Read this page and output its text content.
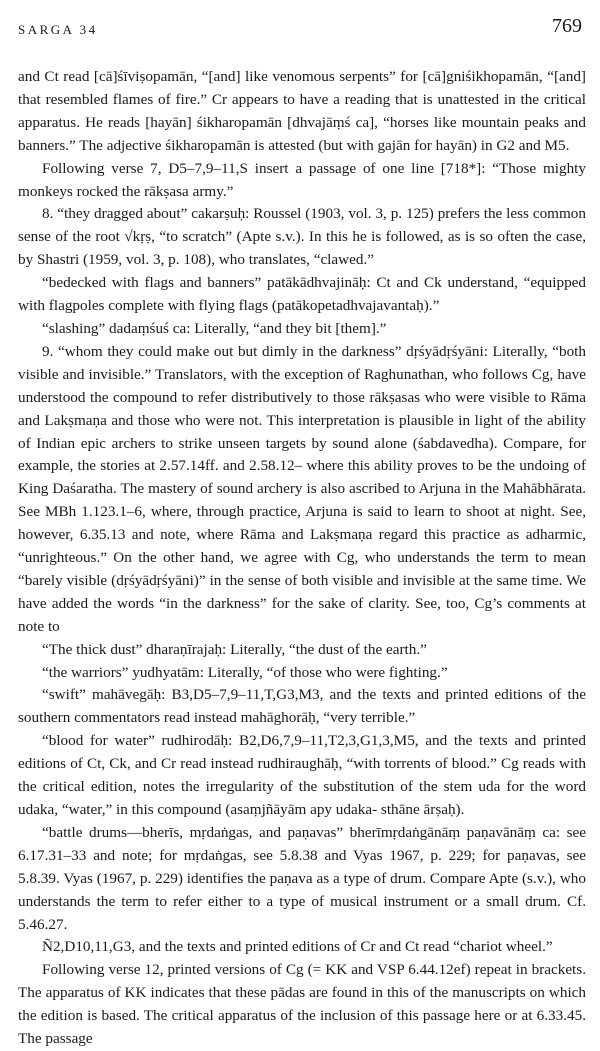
SARGA 34	769

and Ct read [cā]śīviṣopamān, “[and] like venomous serpents” for [cā]gniśikhopamān, “[and] that resembled flames of fire.” Cr appears to have a reading that is unattested in the critical apparatus. He reads [hayān] śikharopamān [dhvajāṃś ca], “horses like mountain peaks and banners.” The adjective śikharopamān is attested (but with gajān for hayān) in G2 and M5.

Following verse 7, D5–7,9–11,S insert a passage of one line [718*]: “Those mighty monkeys rocked the rākṣasa army.”

8. “they dragged about” cakarṣuḥ: Roussel (1903, vol. 3, p. 125) prefers the less common sense of the root √kṛṣ, “to scratch” (Apte s.v.). In this he is followed, as is so often the case, by Shastri (1959, vol. 3, p. 108), who translates, “clawed.”

“bedecked with flags and banners” patākādhvajināḥ: Ct and Ck understand, “equipped with flagpoles complete with flying flags (patākopetadhvajavantaḥ).”

“slashing” dadaṃśuś ca: Literally, “and they bit [them].”

9. “whom they could make out but dimly in the darkness” dṛśyādṛśyāni: Literally, “both visible and invisible.” Translators, with the exception of Raghunathan, who follows Cg, have understood the compound to refer distributively to those rākṣasas who were visible to Rāma and Lakṣmaṇa and those who were not. This interpretation is plausible in light of the ability of Indian epic archers to strike unseen targets by sound alone (śabdavedha). Compare, for example, the stories at 2.57.14ff. and 2.58.12– where this ability proves to be the undoing of King Daśaratha. The mastery of sound archery is also ascribed to Arjuna in the Mahābhārata. See MBh 1.123.1–6, where, through practice, Arjuna is said to learn to shoot at night. See, however, 6.35.13 and note, where Rāma and Lakṣmaṇa regard this practice as adharmic, “unrighteous.” On the other hand, we agree with Cg, who understands the term to mean “barely visible (dṛśyādṛśyāni)” in the sense of both visible and invisible at the same time. We have added the words “in the darkness” for the sake of clarity. See, too, Cg’s comments at note to

“The thick dust” dharaṇīrajaḥ: Literally, “the dust of the earth.”

“the warriors” yudhyatām: Literally, “of those who were fighting.”

“swift” mahāvegāḥ: B3,D5–7,9–11,T,G3,M3, and the texts and printed editions of the southern commentators read instead mahāghorāḥ, “very terrible.”

“blood for water” rudhirodāḥ: B2,D6,7,9–11,T2,3,G1,3,M5, and the texts and printed editions of Ct, Ck, and Cr read instead rudhiraughāḥ, “with torrents of blood.” Cg reads with the critical edition, notes the irregularity of the substitution of the stem uda for the word udaka, “water,” in this compound (asaṃjñāyām apy udaka- sthāne ārṣaḥ).

“battle drums—bherīs, mṛdaṅgas, and paṇavas” bherīmṛdaṅgānāṃ paṇavānāṃ ca: see 6.17.31–33 and note; for mṛdaṅgas, see 5.8.38 and Vyas 1967, p. 229; for paṇavas, see 5.8.39. Vyas (1967, p. 229) identifies the paṇava as a type of drum. Compare Apte (s.v.), who understands the term to refer either to a type of musical instrument or a small drum. Cf. 5.46.27.

Ñ2,D10,11,G3, and the texts and printed editions of Cr and Ct read “chariot wheel.”

Following verse 12, printed versions of Cg (= KK and VSP 6.44.12ef) repeat in brackets. The apparatus of KK indicates that these pādas are found in this of the manuscripts on which the edition is based. The critical apparatus of the inclusion of this passage here or at 6.33.45. The passage
